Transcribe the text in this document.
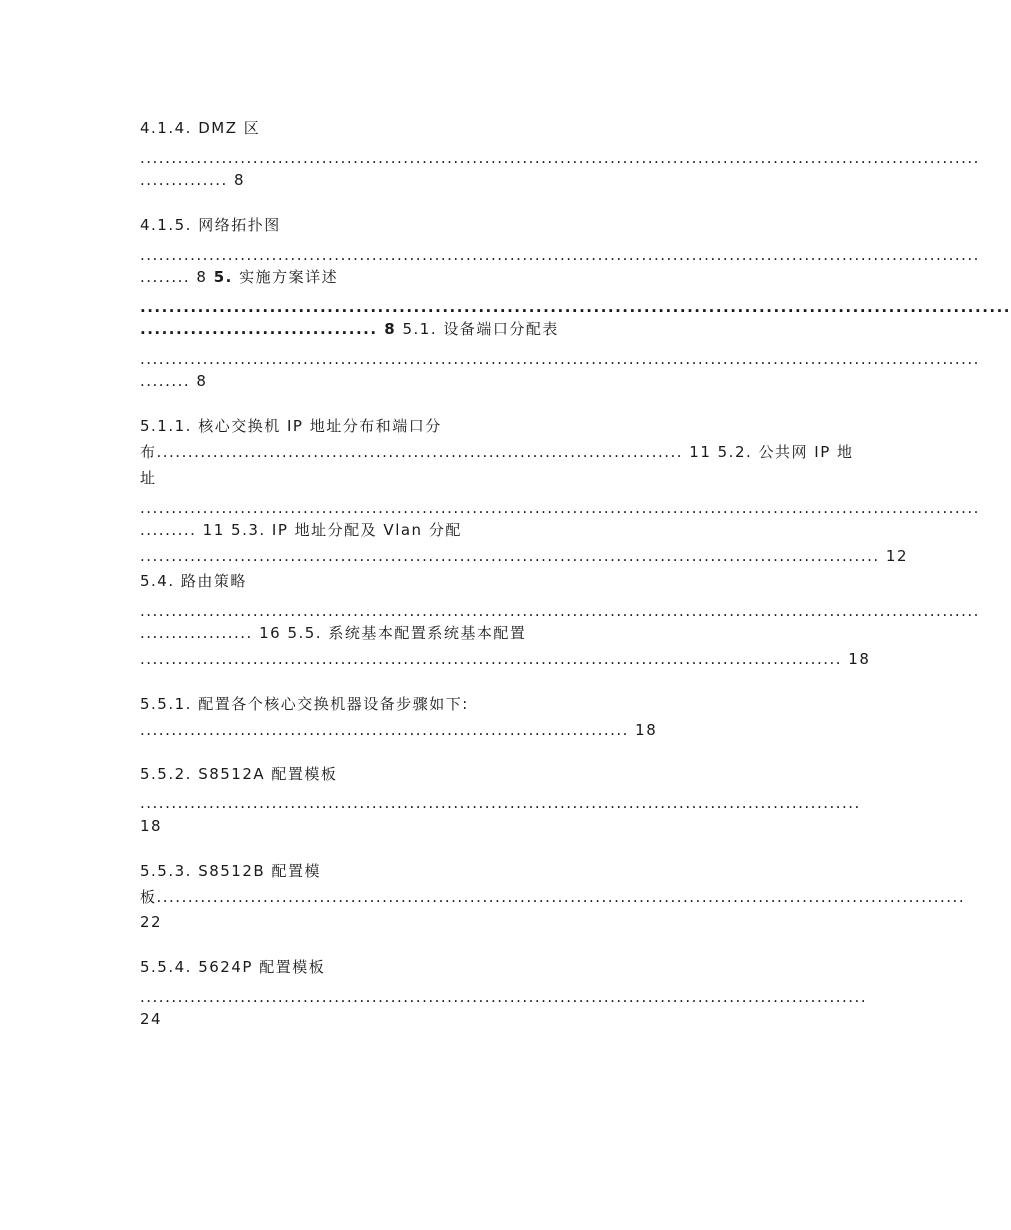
4.1.4. DMZ 区
......................................................................................................................................
.............. 8
4.1.5. 网络拓扑图
......................................................................................................................................
........ 8 5. 实施方案详述
.........................................................................................................................
................................. 8 5.1. 设备端口分配表
......................................................................................................................................
........ 8
5.1.1. 核心交换机 IP 地址分布和端口分
布.................................................................................... 11 5.2. 公共网 IP 地
址
......................................................................................................................................
......... 11 5.3. IP 地址分配及 Vlan 分配
...................................................................................................................... 12
5.4. 路由策略
......................................................................................................................................
.................. 16 5.5. 系统基本配置系统基本配置
................................................................................................................ 18
5.5.1. 配置各个核心交换机器设备步骤如下:
.............................................................................. 18
5.5.2. S8512A 配置模板
...................................................................................................................
18
5.5.3. S8512B 配置模
板.................................................................................................................................
22
5.5.4. 5624P 配置模板
....................................................................................................................
24
